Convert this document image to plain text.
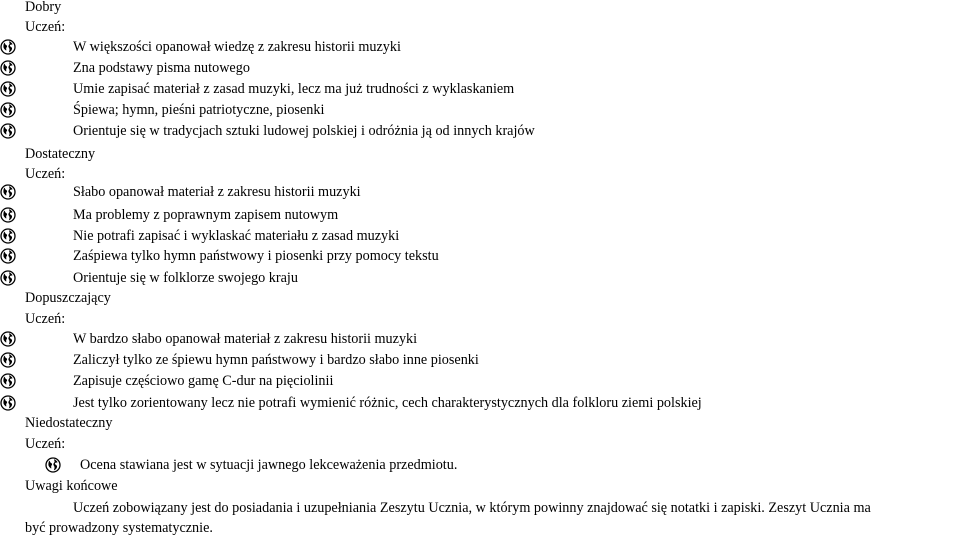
Dobry
Uczeń:
W większości opanował wiedzę z zakresu historii muzyki
Zna podstawy pisma nutowego
Umie zapisać materiał z zasad muzyki, lecz ma już trudności z wyklaskaniem
Śpiewa; hymn, pieśni patriotyczne, piosenki
Orientuje się w tradycjach sztuki ludowej polskiej i odróżnia ją od innych krajów
Dostateczny
Uczeń:
Słabo opanował materiał z zakresu historii muzyki
Ma problemy z poprawnym zapisem nutowym
Nie potrafi zapisać i wyklaskać materiału z zasad muzyki
Zaśpiewa tylko hymn państwowy i piosenki przy pomocy tekstu
Orientuje się w folklorze swojego kraju
Dopuszczający
Uczeń:
W bardzo słabo opanował materiał z zakresu historii muzyki
Zaliczył tylko ze śpiewu hymn państwowy i bardzo słabo inne piosenki
Zapisuje częściowo gamę C-dur na pięciolinii
Jest tylko zorientowany lecz nie potrafi wymienić różnic, cech charakterystycznych dla folkloru ziemi polskiej
Niedostateczny
Uczeń:
Ocena stawiana jest w sytuacji jawnego lekceważenia przedmiotu.
Uwagi końcowe
Uczeń zobowiązany jest do posiadania i uzupełniania Zeszytu Ucznia, w którym powinny znajdować się notatki i zapiski. Zeszyt Ucznia ma
być prowadzony systematycznie.
